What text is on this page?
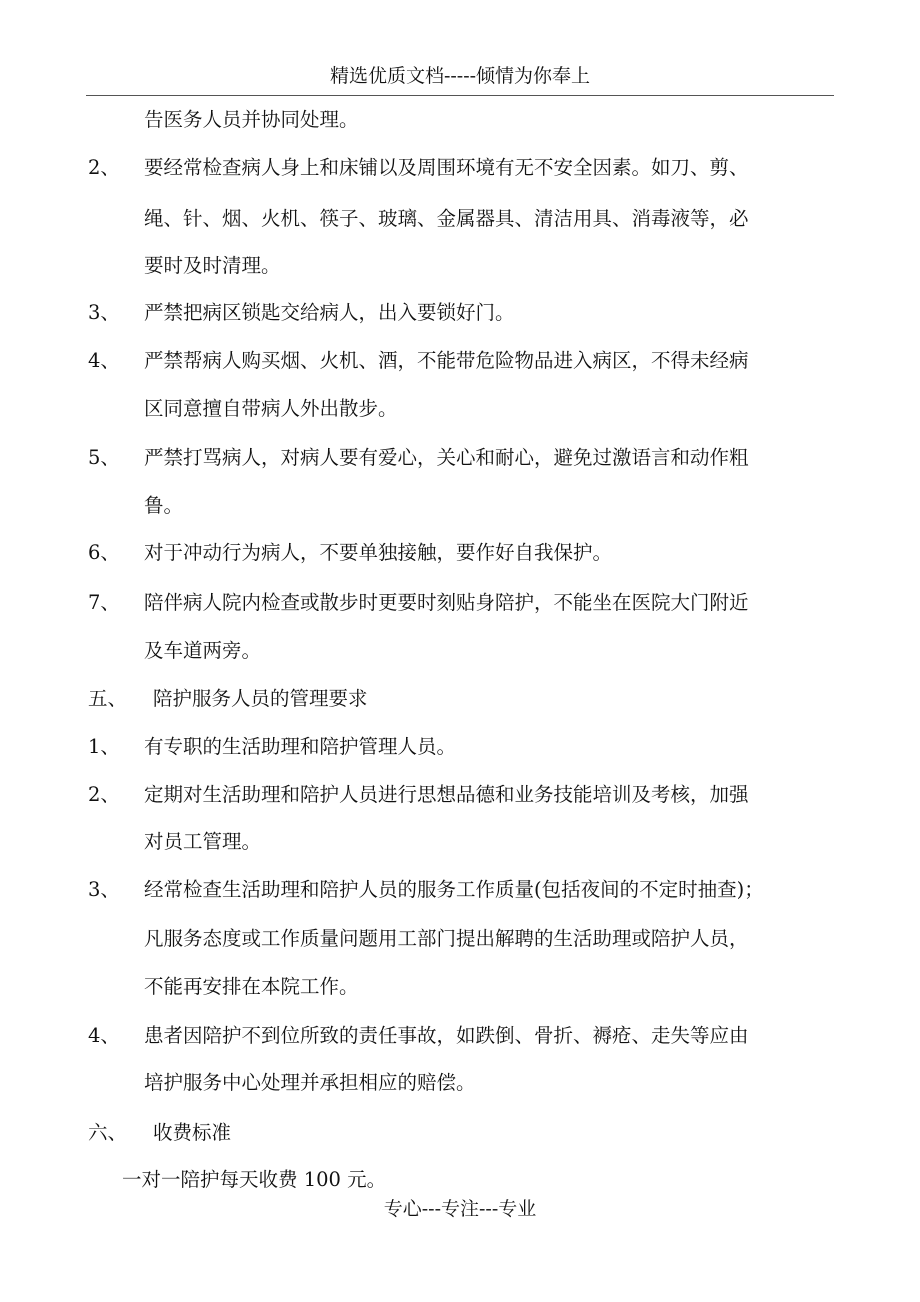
精选优质文档-----倾情为你奉上
告医务人员并协同处理。
2、 要经常检查病人身上和床铺以及周围环境有无不安全因素。如刀、剪、
绳、针、烟、火机、筷子、玻璃、金属器具、清洁用具、消毒液等，必
要时及时清理。
3、 严禁把病区锁匙交给病人，出入要锁好门。
4、 严禁帮病人购买烟、火机、酒，不能带危险物品进入病区，不得未经病
区同意擅自带病人外出散步。
5、 严禁打骂病人，对病人要有爱心，关心和耐心，避免过激语言和动作粗
鲁。
6、 对于冲动行为病人，不要单独接触，要作好自我保护。
7、 陪伴病人院内检查或散步时更要时刻贴身陪护，不能坐在医院大门附近
及车道两旁。
五、 陪护服务人员的管理要求
1、 有专职的生活助理和陪护管理人员。
2、 定期对生活助理和陪护人员进行思想品德和业务技能培训及考核，加强
对员工管理。
3、 经常检查生活助理和陪护人员的服务工作质量(包括夜间的不定时抽查)；
凡服务态度或工作质量问题用工部门提出解聘的生活助理或陪护人员，
不能再安排在本院工作。
4、 患者因陪护不到位所致的责任事故，如跌倒、骨折、褥疮、走失等应由
培护服务中心处理并承担相应的赔偿。
六、 收费标准
一对一陪护每天收费 100 元。
专心---专注---专业
